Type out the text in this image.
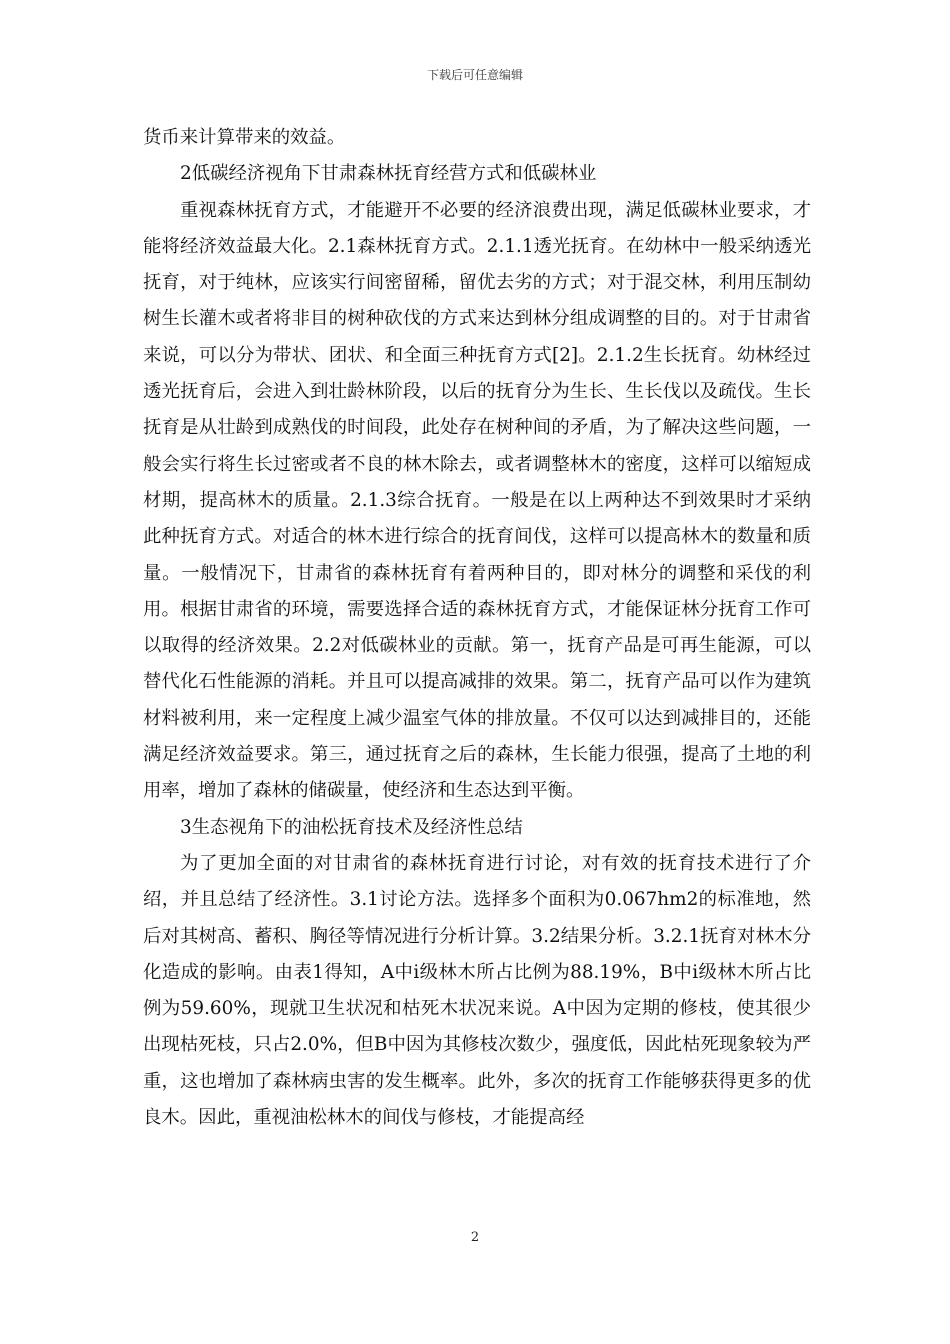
下载后可任意编辑

货币来计算带来的效益。

2低碳经济视角下甘肃森林抚育经营方式和低碳林业

重视森林抚育方式，才能避开不必要的经济浪费出现，满足低碳林业要求，才能将经济效益最大化。2.1森林抚育方式。2.1.1透光抚育。在幼林中一般采纳透光抚育，对于纯林，应该实行间密留稀，留优去劣的方式；对于混交林，利用压制幼树生长灌木或者将非目的树种砍伐的方式来达到林分组成调整的目的。对于甘肃省来说，可以分为带状、团状、和全面三种抚育方式[2]。2.1.2生长抚育。幼林经过透光抚育后，会进入到壮龄林阶段，以后的抚育分为生长、生长伐以及疏伐。生长抚育是从壮龄到成熟伐的时间段，此处存在树种间的矛盾，为了解决这些问题，一般会实行将生长过密或者不良的林木除去，或者调整林木的密度，这样可以缩短成材期，提高林木的质量。2.1.3综合抚育。一般是在以上两种达不到效果时才采纳此种抚育方式。对适合的林木进行综合的抚育间伐，这样可以提高林木的数量和质量。一般情况下，甘肃省的森林抚育有着两种目的，即对林分的调整和采伐的利用。根据甘肃省的环境，需要选择合适的森林抚育方式，才能保证林分抚育工作可以取得的经济效果。2.2对低碳林业的贡献。第一，抚育产品是可再生能源，可以替代化石性能源的消耗。并且可以提高减排的效果。第二，抚育产品可以作为建筑材料被利用，来一定程度上减少温室气体的排放量。不仅可以达到减排目的，还能满足经济效益要求。第三，通过抚育之后的森林，生长能力很强，提高了土地的利用率，增加了森林的储碳量，使经济和生态达到平衡。

3生态视角下的油松抚育技术及经济性总结

为了更加全面的对甘肃省的森林抚育进行讨论，对有效的抚育技术进行了介绍，并且总结了经济性。3.1讨论方法。选择多个面积为0.067hm2的标准地，然后对其树高、蓄积、胸径等情况进行分析计算。3.2结果分析。3.2.1抚育对林木分化造成的影响。由表1得知，A中ⅰ级林木所占比例为88.19%，B中ⅰ级林木所占比例为59.60%，现就卫生状况和枯死木状况来说。A中因为定期的修枝，使其很少出现枯死枝，只占2.0%，但B中因为其修枝次数少，强度低，因此枯死现象较为严重，这也增加了森林病虫害的发生概率。此外，多次的抚育工作能够获得更多的优良木。因此，重视油松林木的间伐与修枝，才能提高经

2
